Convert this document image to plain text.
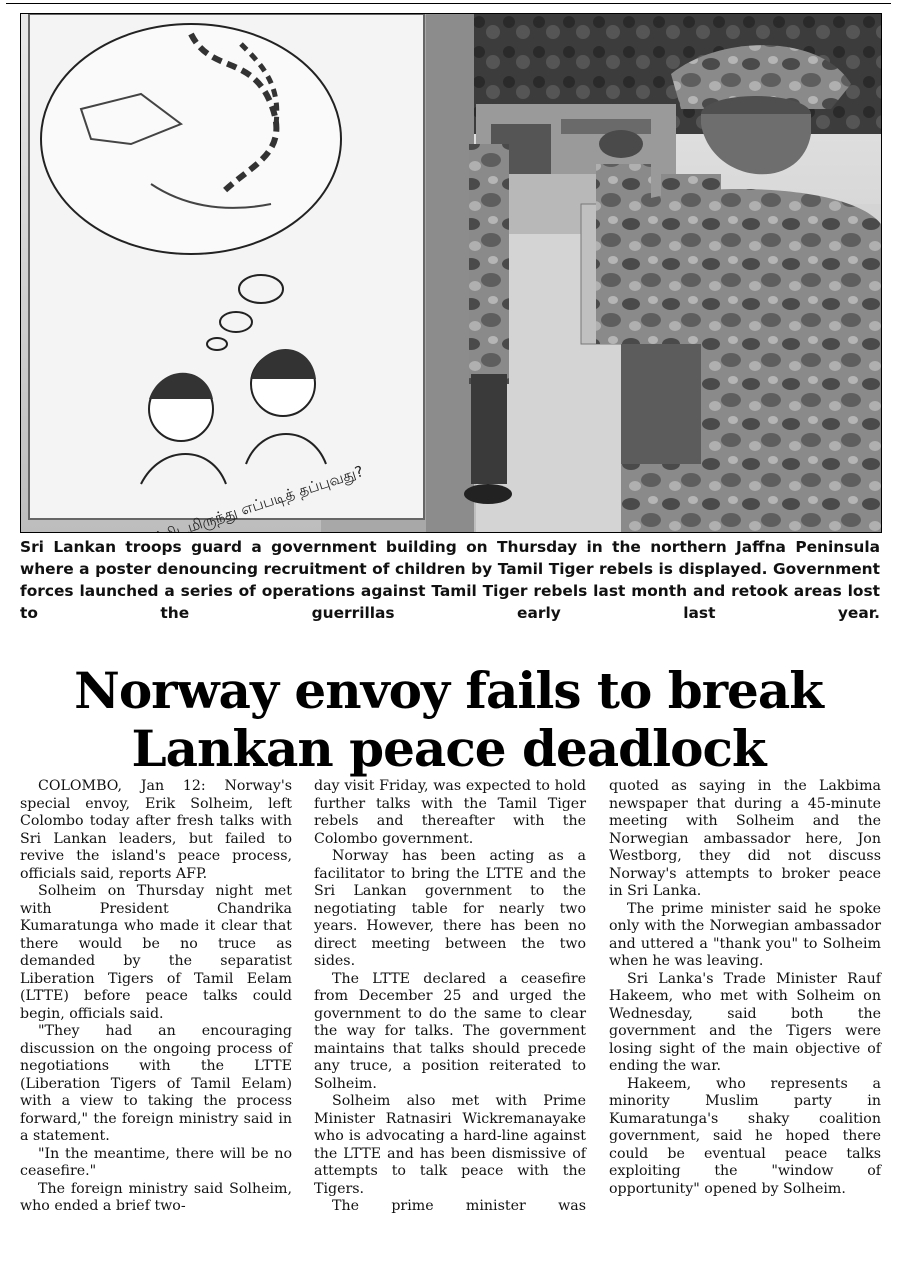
Sri Lankan troops guard a government building on Thursday in the northern Jaffna Peninsula where a poster denouncing recruitment of children by Tamil Tiger rebels is displayed. Government forces launched a series of operations against Tamil Tiger rebels last month and retook areas lost to the guerrillas early last year.
Norway envoy fails to break Lankan peace deadlock

COLOMBO, Jan 12: Norway's special envoy, Erik Solheim, left Colombo today after fresh talks with Sri Lankan leaders, but failed to revive the island's peace process, officials said, reports AFP.

Solheim on Thursday night met with President Chandrika Kumaratunga who made it clear that there would be no truce as demanded by the separatist Liberation Tigers of Tamil Eelam (LTTE) before peace talks could begin, officials said.

"They had an encouraging discussion on the ongoing process of negotiations with the LTTE (Liberation Tigers of Tamil Eelam) with a view to taking the process forward," the foreign ministry said in a statement.

"In the meantime, there will be no ceasefire."

The foreign ministry said Solheim, who ended a brief two-

day visit Friday, was expected to hold further talks with the Tamil Tiger rebels and thereafter with the Colombo government.

Norway has been acting as a facilitator to bring the LTTE and the Sri Lankan government to the negotiating table for nearly two years. However, there has been no direct meeting between the two sides.

The LTTE declared a ceasefire from December 25 and urged the government to do the same to clear the way for talks. The government maintains that talks should precede any truce, a position reiterated to Solheim.

Solheim also met with Prime Minister Ratnasiri Wickremanayake who is advocating a hard-line against the LTTE and has been dismissive of attempts to talk peace with the Tigers.

The prime minister was

quoted as saying in the Lakbima newspaper that during a 45-minute meeting with Solheim and the Norwegian ambassador here, Jon Westborg, they did not discuss Norway's attempts to broker peace in Sri Lanka.

The prime minister said he spoke only with the Norwegian ambassador and uttered a "thank you" to Solheim when he was leaving.

Sri Lanka's Trade Minister Rauf Hakeem, who met with Solheim on Wednesday, said both the government and the Tigers were losing sight of the main objective of ending the war.

Hakeem, who represents a minority Muslim party in Kumaratunga's shaky coalition government, said he hoped there could be eventual peace talks exploiting the "window of opportunity" opened by Solheim.
